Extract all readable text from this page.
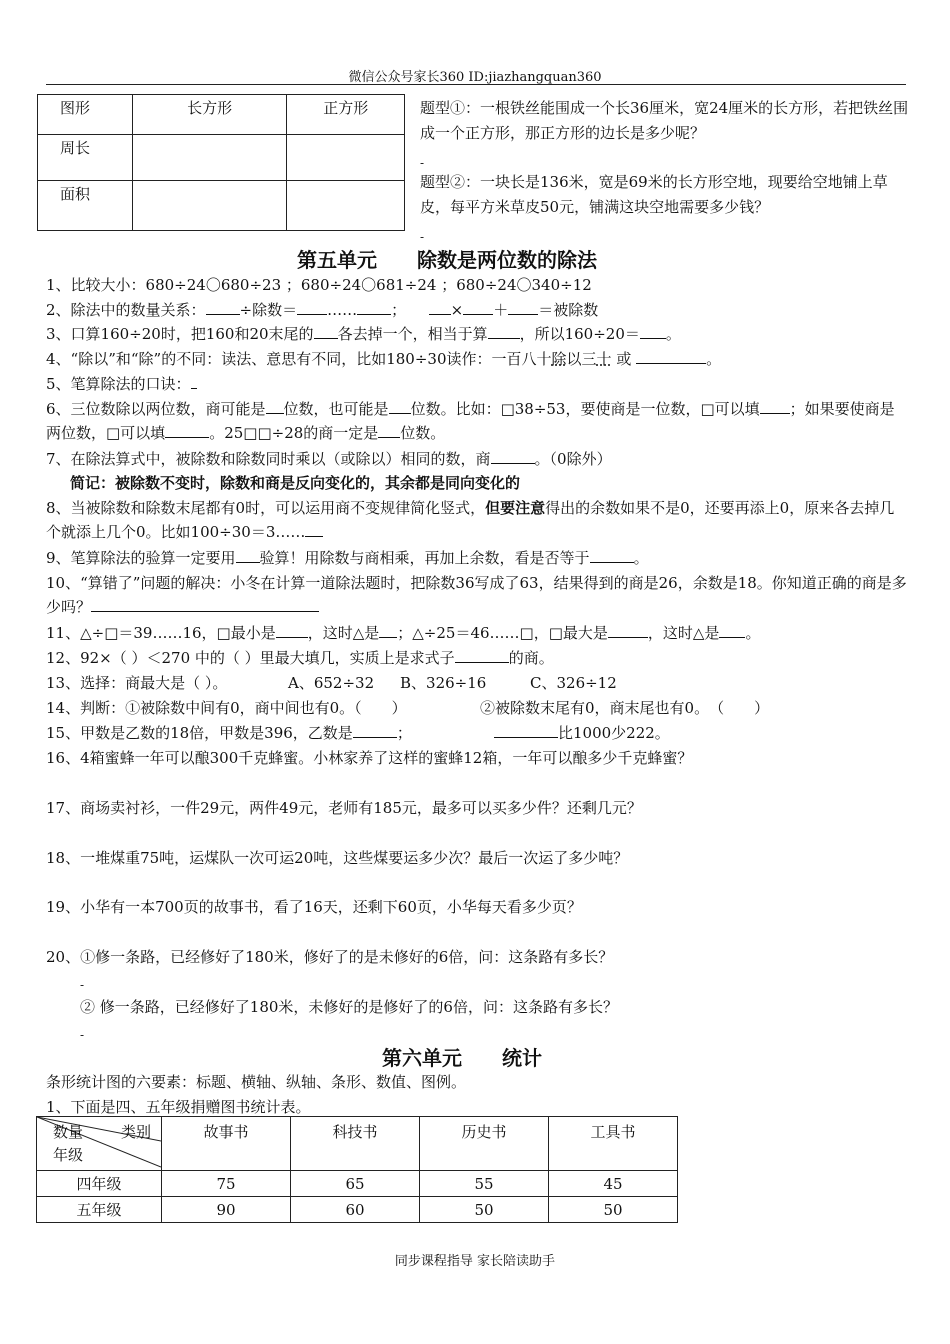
微信公众号家长360 ID:jiazhangquan360
图形	长方形	正方形
周长		
面积		
题型①：一根铁丝能围成一个长36厘米，宽24厘米的长方形，若把铁丝围成一个正方形，那正方形的边长是多少呢？
-
题型②：一块长是136米，宽是69米的长方形空地，现要给空地铺上草皮，每平方米草皮50元，铺满这块空地需要多少钱？
-
第五单元　　除数是两位数的除法
1、比较大小：680÷24〇680÷23 ；680÷24〇681÷24 ；680÷24〇340÷12
2、除法中的数量关系： ÷除数＝ …… ；　　× ＋ ＝被除数
3、口算160÷20时，把160和20末尾的 各去掉一个，相当于算 ，所以160÷20＝ 。
4、“除以”和“除”的不同：读法、意思有不同，比如180÷30读作：一百八十除以三十 或	。
5、笔算除法的口诀：
6、三位数除以两位数，商可能是 位数，也可能是 位数。比如：□38÷53，要使商是一位数，□可以填 ；如果要使商是两位数，□可以填	。25□□÷28的商一定是 位数。
7、在除法算式中，被除数和除数同时乘以（或除以）相同的数，商	。（0除外）
简记：被除数不变时，除数和商是反向变化的，其余都是同向变化的
8、当被除数和除数末尾都有0时，可以运用商不变规律简化竖式，但要注意得出的余数如果不是0，还要再添上0，原来各去掉几个就添上几个0。比如100÷30＝3……
9、笔算除法的验算一定要用 验算！用除数与商相乘，再加上余数，看是否等于	。
10、“算错了”问题的解决：小冬在计算一道除法题时，把除数36写成了63，结果得到的商是26，余数是18。你知道正确的商是多少吗？
11、△÷□＝39……16，□最小是 ，这时△是 ；△÷25＝46……□，□最大是	，这时△是 。
12、92×（ ）＜270 中的（ ）里最大填几，实质上是求式子	的商。
13、选择：商最大是（ ）。	A、652÷32 B、326÷16	C、326÷12
14、判断：①被除数中间有0，商中间也有0。（　　）	②被除数末尾有0，商末尾也有0。　（　　）
15、甲数是乙数的18倍，甲数是396，乙数是	；	比1000少222。
16、4箱蜜蜂一年可以酿300千克蜂蜜。小林家养了这样的蜜蜂12箱，一年可以酿多少千克蜂蜜？
17、商场卖衬衫，一件29元，两件49元，老师有185元，最多可以买多少件？还剩几元？
18、一堆煤重75吨，运煤队一次可运20吨，这些煤要运多少次？最后一次运了多少吨？
19、小华有一本700页的故事书，看了16天，还剩下60页，小华每天看多少页？
20、①修一条路，已经修好了180米，修好了的是未修好的6倍，问：这条路有多长？
-
② 修一条路，已经修好了180米，未修好的是修好了的6倍，问：这条路有多长？
-
第六单元　　统计
条形统计图的六要素：标题、横轴、纵轴、条形、数值、图例。
1、下面是四、五年级捐赠图书统计表。
数量 类别
年级	故事书	科技书	历史书	工具书
四年级	75	65	55	45
五年级	90	60	50	50
同步课程指导 家长陪读助手
